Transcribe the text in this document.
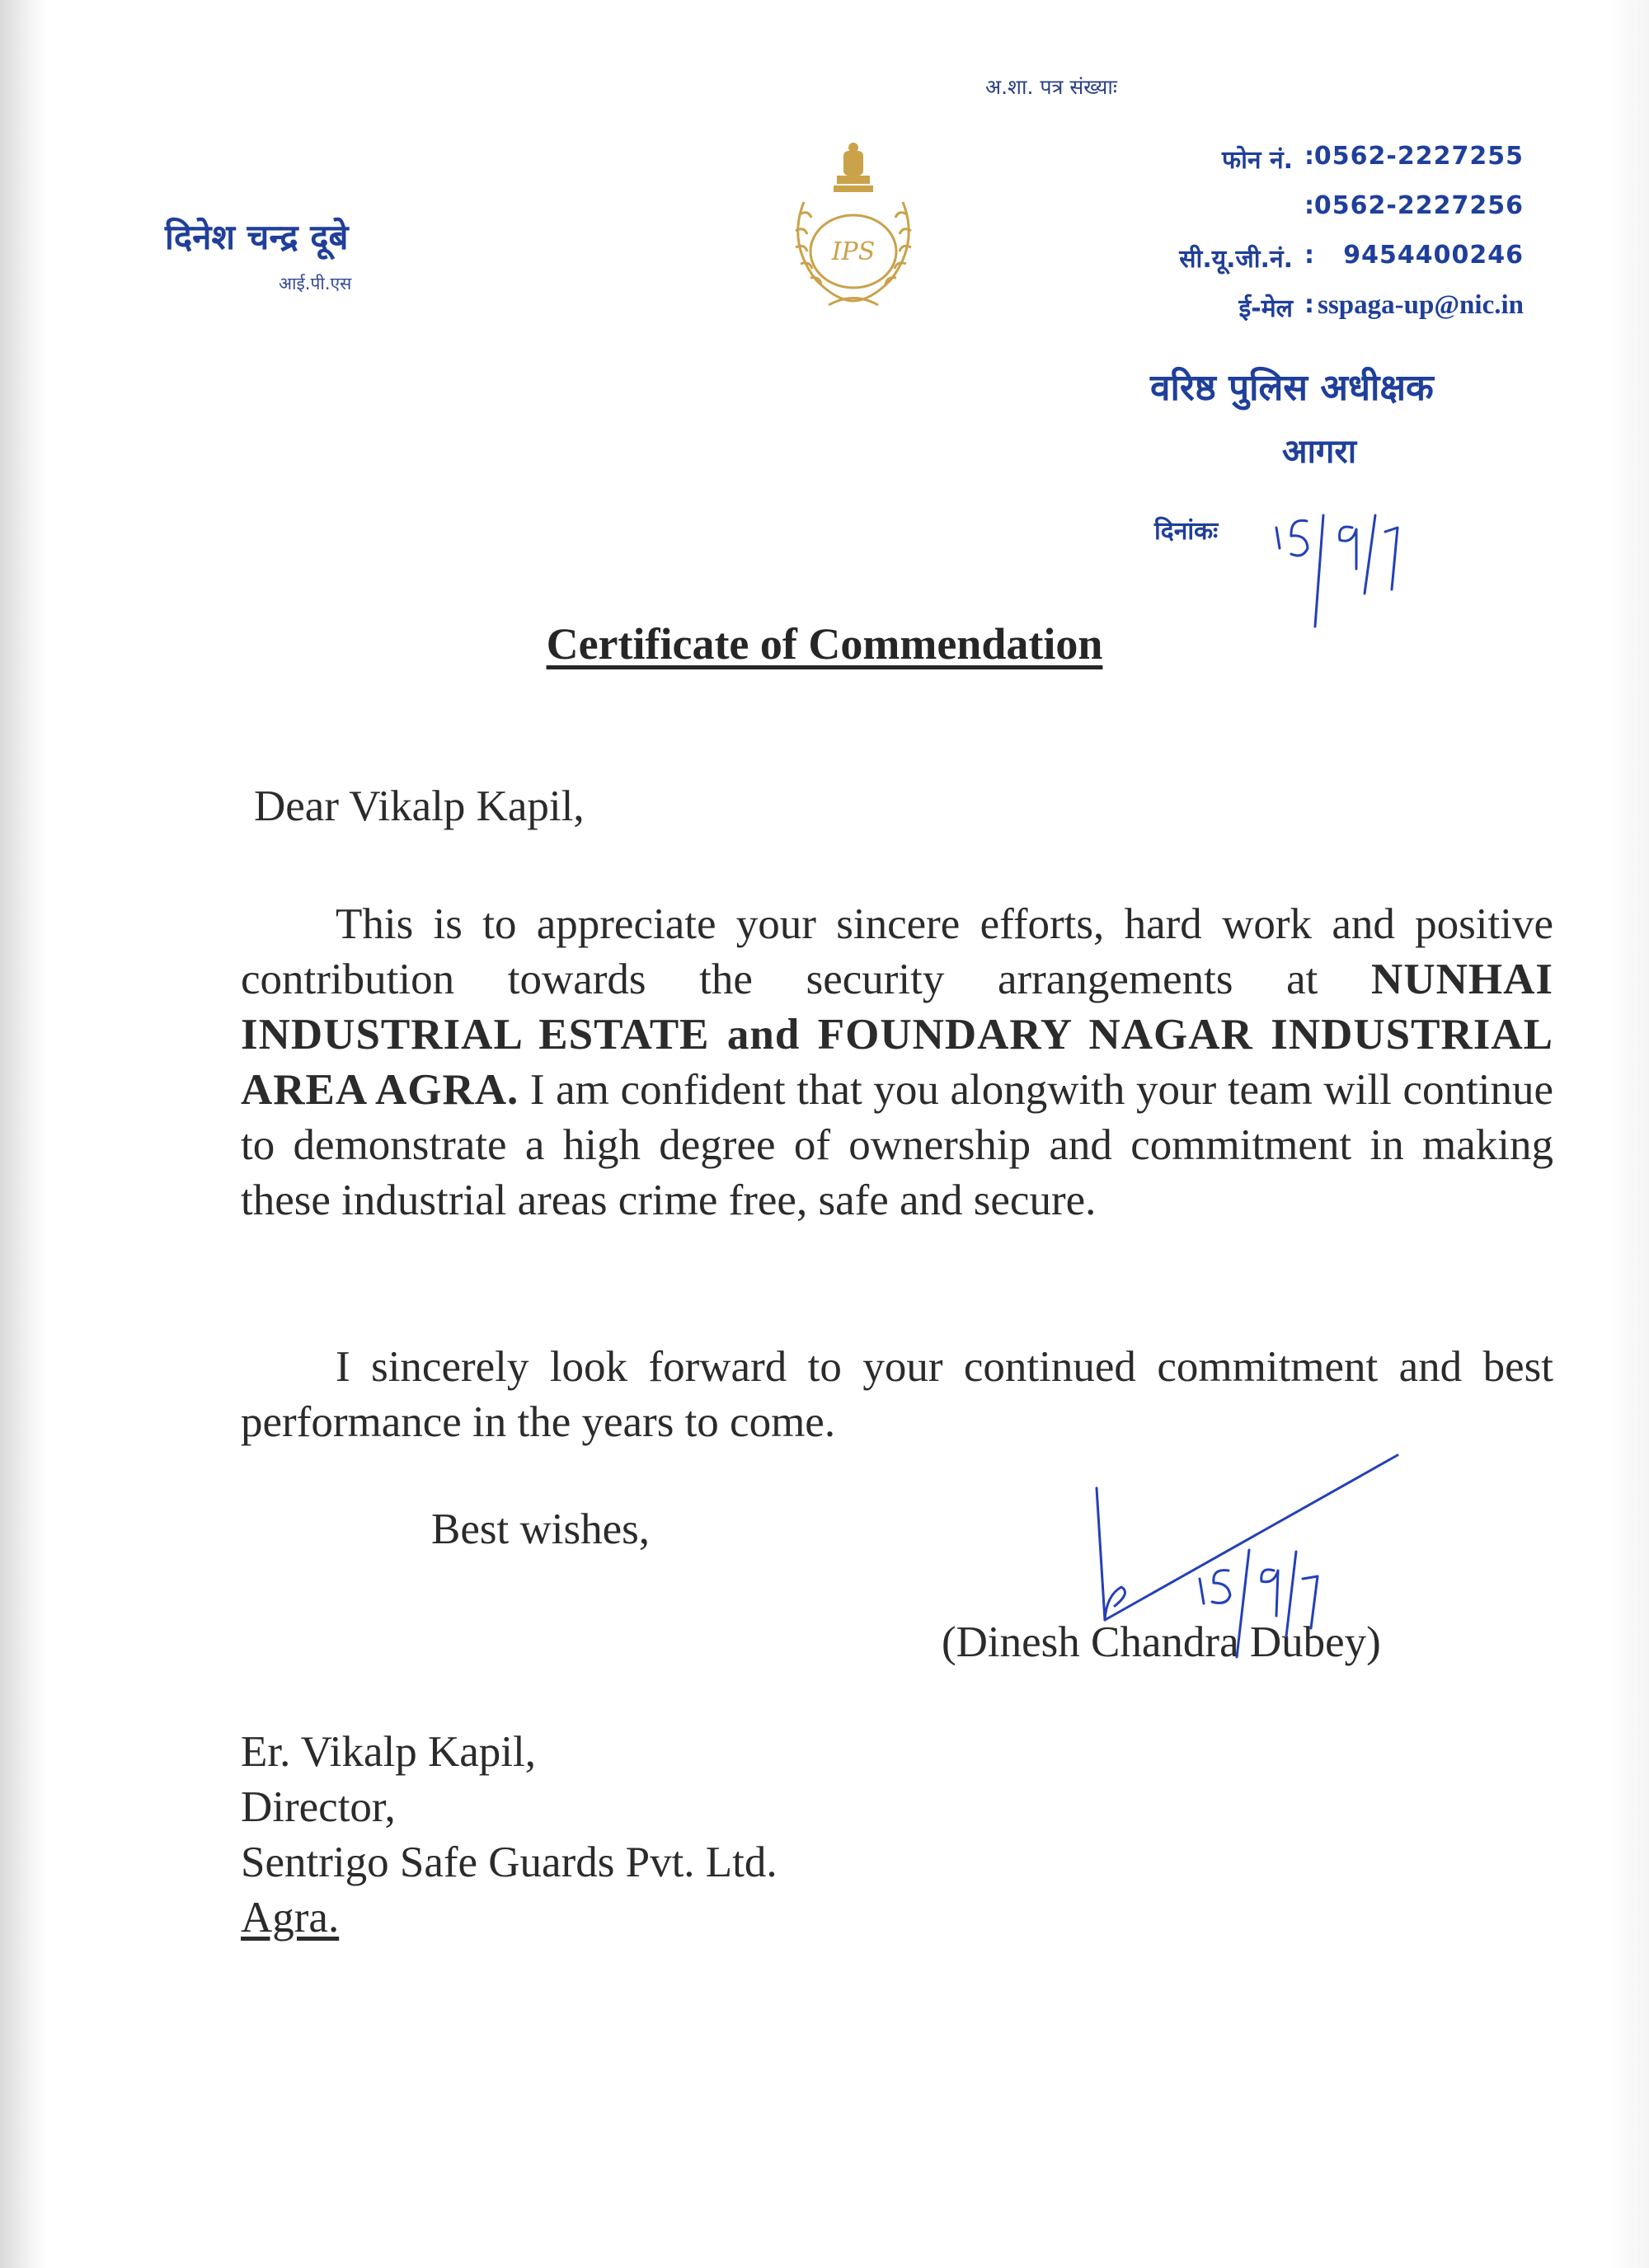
अ.शा. पत्र संख्याः
दिनेश चन्द्र दूबे
आई.पी.एस
IPS
फोन नं. : 0562-2227255
: 0562-2227256
सी.यू.जी.नं. : 9454400246
ई-मेल : sspaga-up@nic.in
वरिष्ठ पुलिस अधीक्षक
आगरा
दिनांकः
Certificate of Commendation
Dear Vikalp Kapil,
This is to appreciate your sincere efforts, hard work and positive contribution towards the security arrangements at NUNHAI INDUSTRIAL ESTATE and FOUNDARY NAGAR INDUSTRIAL AREA AGRA. I am confident that you alongwith your team will continue to demonstrate a high degree of ownership and commitment in making these industrial areas crime free, safe and secure.
I sincerely look forward to your continued commitment and best performance in the years to come.
Best wishes,
(Dinesh Chandra Dubey)
Er. Vikalp Kapil,
Director,
Sentrigo Safe Guards Pvt. Ltd.
Agra.
